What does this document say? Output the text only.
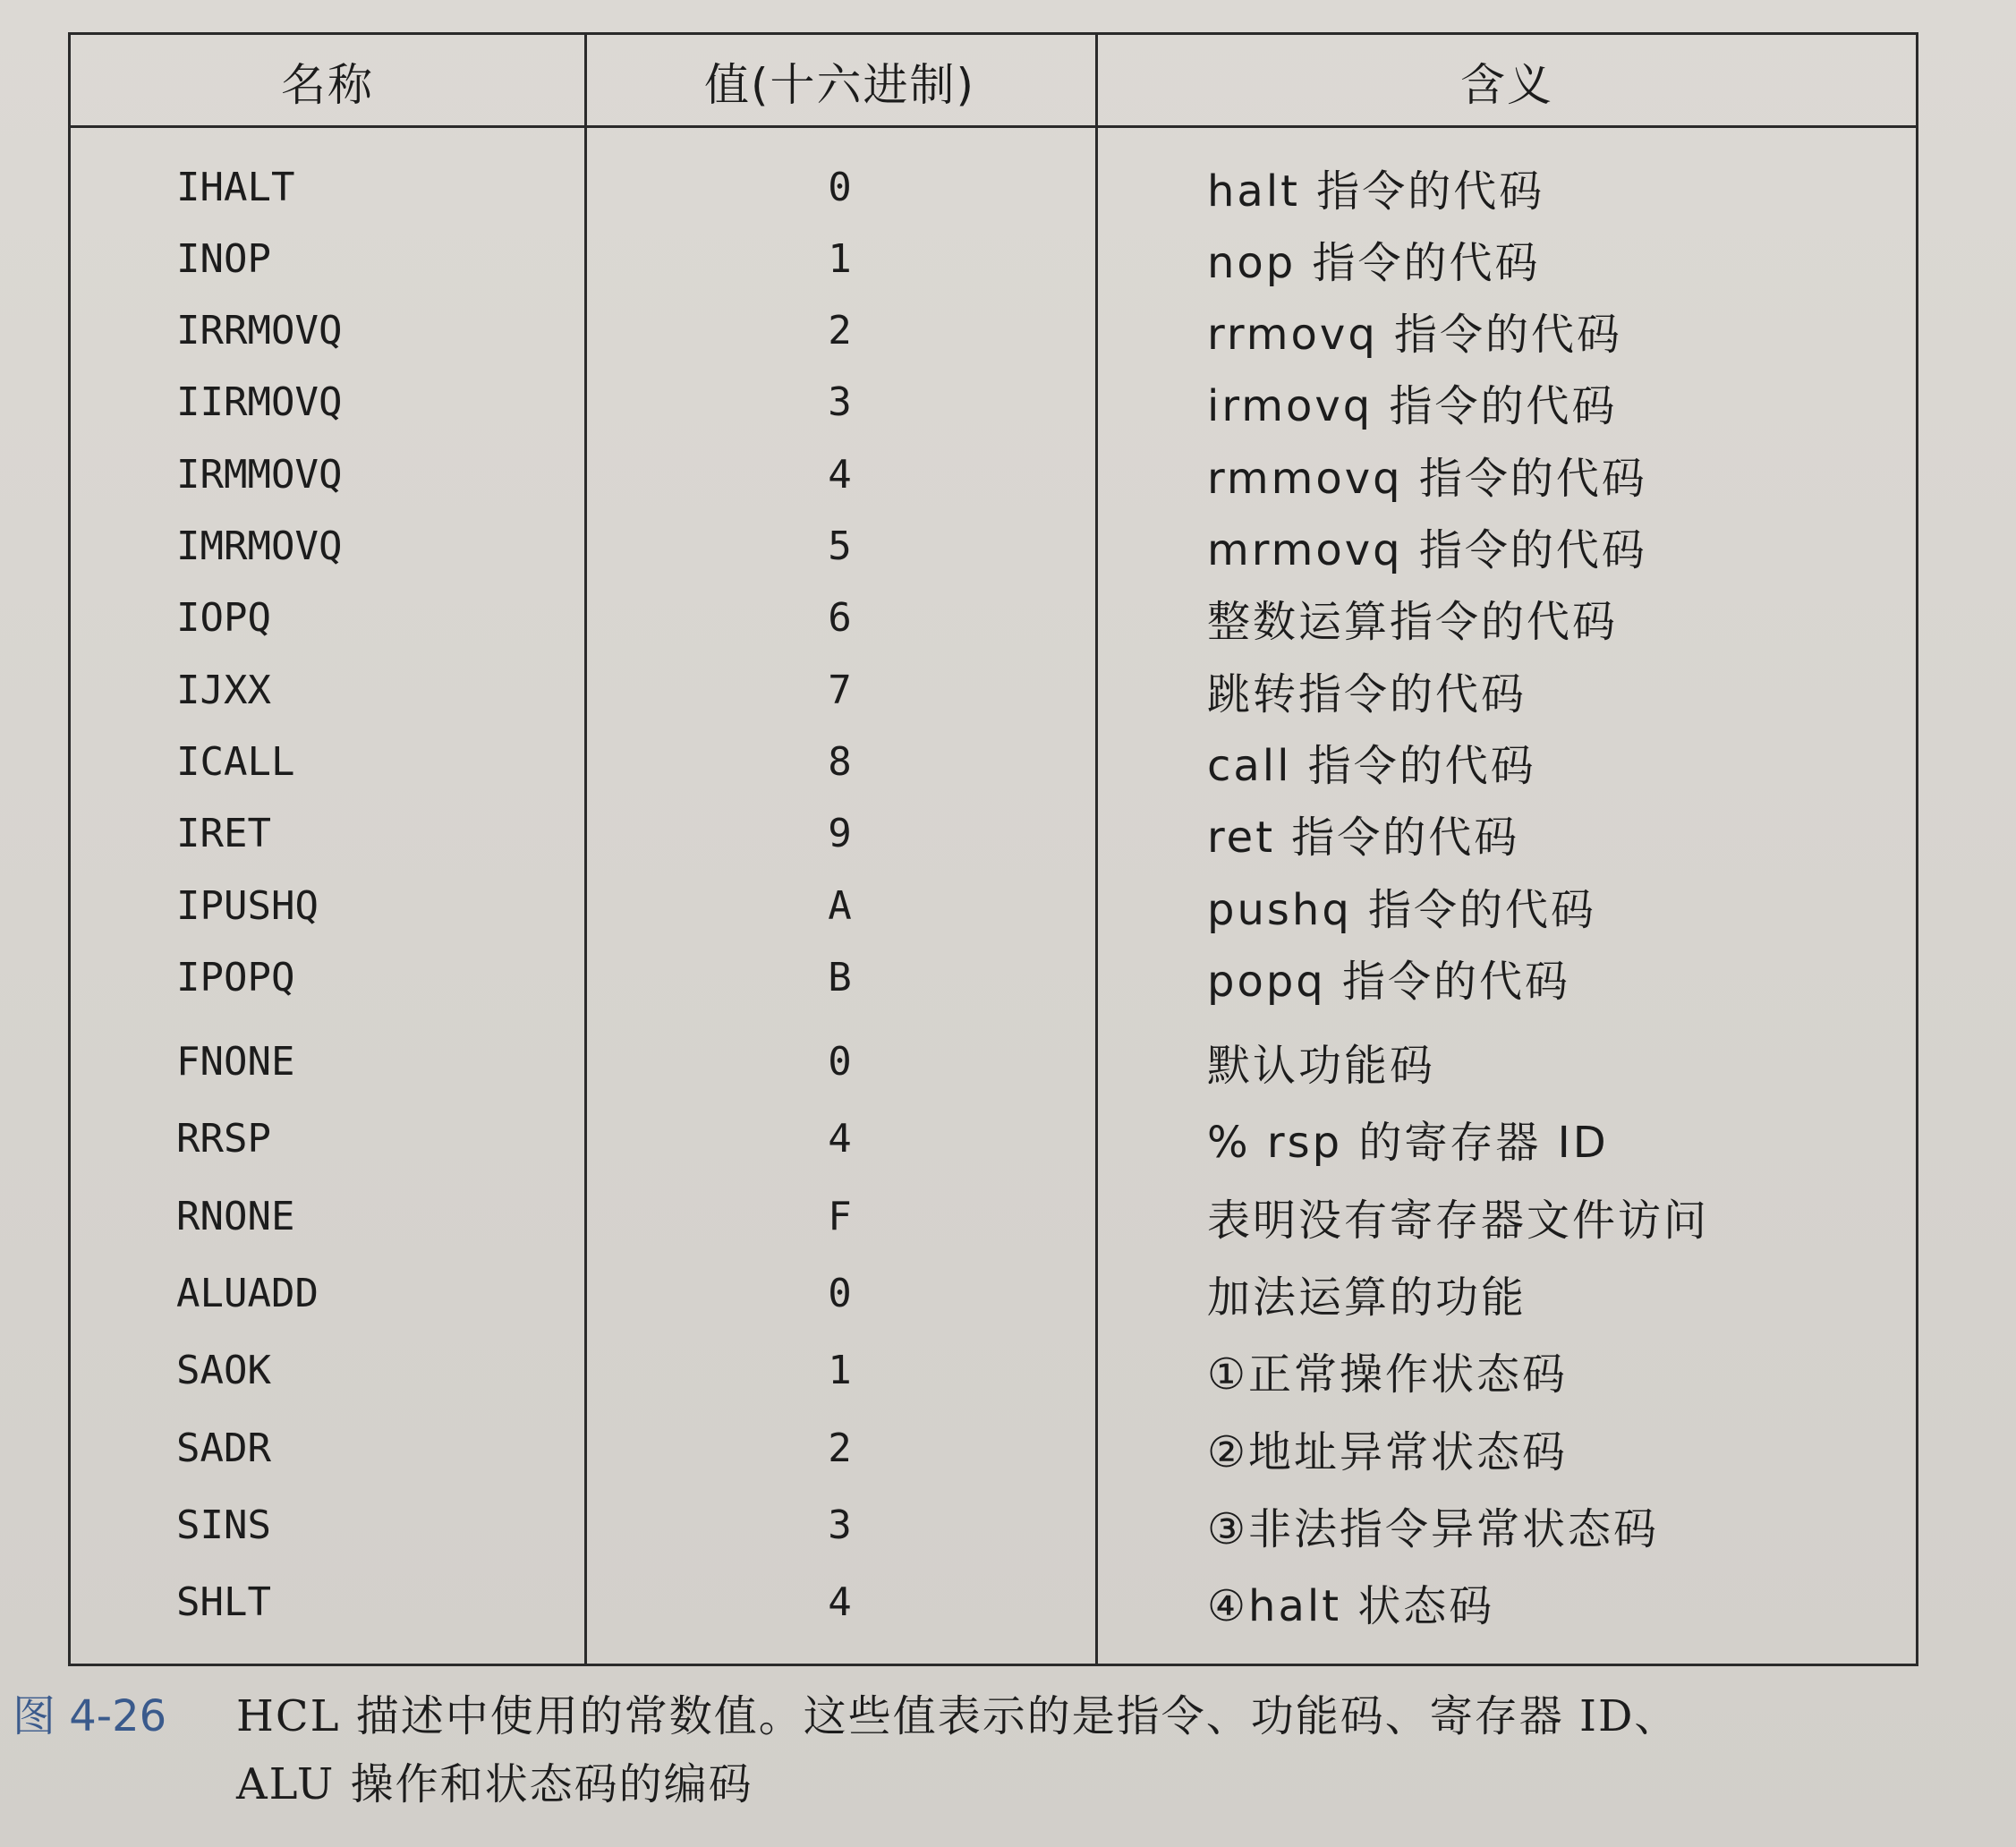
名称	值(十六进制)	含义
IHALT	0	halt 指令的代码
INOP	1	nop 指令的代码
IRRMOVQ	2	rrmovq 指令的代码
IIRMOVQ	3	irmovq 指令的代码
IRMMOVQ	4	rmmovq 指令的代码
IMRMOVQ	5	mrmovq 指令的代码
IOPQ	6	整数运算指令的代码
IJXX	7	跳转指令的代码
ICALL	8	call 指令的代码
IRET	9	ret 指令的代码
IPUSHQ	A	pushq 指令的代码
IPOPQ	B	popq 指令的代码
FNONE	0	默认功能码
RRSP	4	% rsp 的寄存器 ID
RNONE	F	表明没有寄存器文件访问
ALUADD	0	加法运算的功能
SAOK	1	①正常操作状态码
SADR	2	②地址异常状态码
SINS	3	③非法指令异常状态码
SHLT	4	④halt 状态码
图 4-26 HCL 描述中使用的常数值。这些值表示的是指令、功能码、寄存器 ID、
ALU 操作和状态码的编码
